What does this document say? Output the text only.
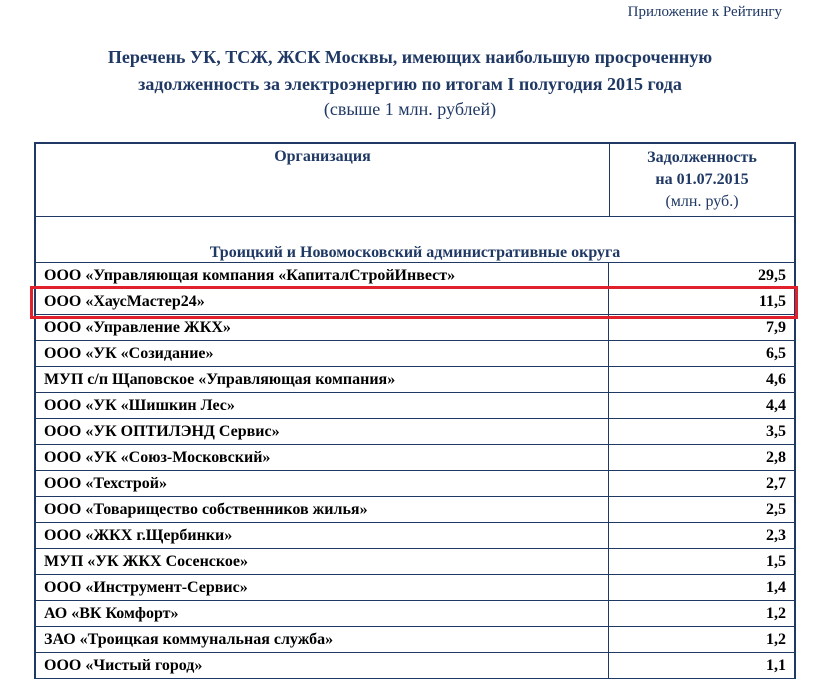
Приложение к Рейтингу
Перечень УК, ТСЖ, ЖСК Москвы, имеющих наибольшую просроченную
задолженность за электроэнергию по итогам I полугодия 2015 года
(свыше 1 млн. рублей)
Организация	Задолженность
на 01.07.2015
(млн. руб.)
Троицкий и Новомосковский административные округа
ООО «Управляющая компания «КапиталСтройИнвест»	29,5
ООО «ХаусМастер24»	11,5
ООО «Управление ЖКХ»	7,9
ООО «УК «Созидание»	6,5
МУП с/п Щаповское «Управляющая компания»	4,6
ООО «УК «Шишкин Лес»	4,4
ООО «УК ОПТИЛЭНД Сервис»	3,5
ООО «УК «Союз-Московский»	2,8
ООО «Техстрой»	2,7
ООО «Товарищество собственников жилья»	2,5
ООО «ЖКХ г.Щербинки»	2,3
МУП «УК ЖКХ Сосенское»	1,5
ООО «Инструмент-Сервис»	1,4
АО «ВК Комфорт»	1,2
ЗАО «Троицкая коммунальная служба»	1,2
ООО «Чистый город»	1,1
